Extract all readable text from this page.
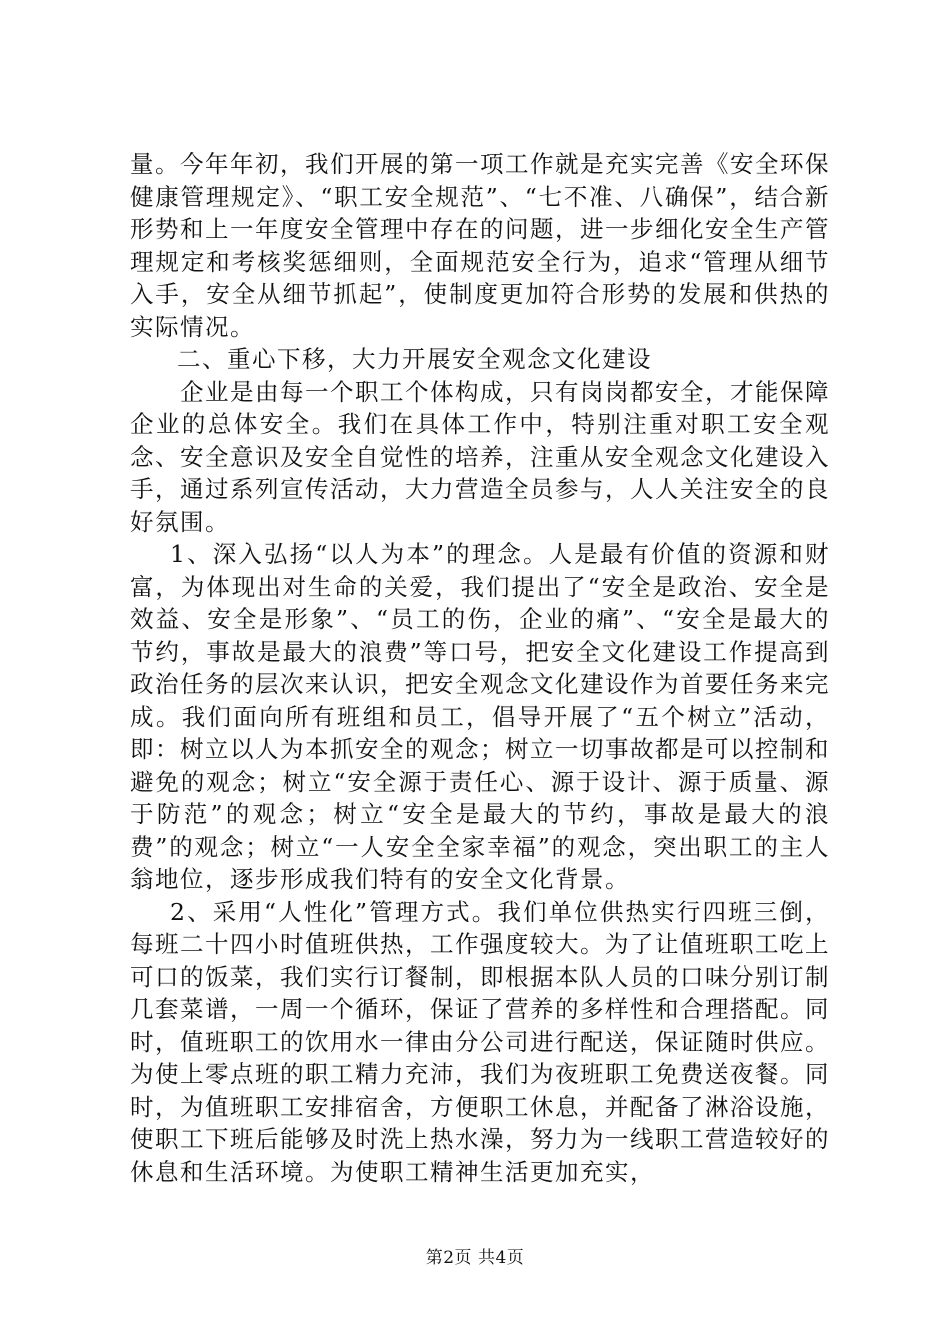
量。今年年初，我们开展的第一项工作就是充实完善《安全环保健康管理规定》、“职工安全规范”、“七不准、八确保”，结合新形势和上一年度安全管理中存在的问题，进一步细化安全生产管理规定和考核奖惩细则，全面规范安全行为，追求“管理从细节入手，安全从细节抓起”，使制度更加符合形势的发展和供热的实际情况。

二、重心下移，大力开展安全观念文化建设

企业是由每一个职工个体构成，只有岗岗都安全，才能保障企业的总体安全。我们在具体工作中，特别注重对职工安全观念、安全意识及安全自觉性的培养，注重从安全观念文化建设入手，通过系列宣传活动，大力营造全员参与，人人关注安全的良好氛围。

1、深入弘扬“以人为本”的理念。人是最有价值的资源和财富，为体现出对生命的关爱，我们提出了“安全是政治、安全是效益、安全是形象”、“员工的伤，企业的痛”、“安全是最大的节约，事故是最大的浪费”等口号，把安全文化建设工作提高到政治任务的层次来认识，把安全观念文化建设作为首要任务来完成。我们面向所有班组和员工，倡导开展了“五个树立”活动，即：树立以人为本抓安全的观念；树立一切事故都是可以控制和避免的观念；树立“安全源于责任心、源于设计、源于质量、源于防范”的观念；树立“安全是最大的节约，事故是最大的浪费”的观念；树立“一人安全全家幸福”的观念，突出职工的主人翁地位，逐步形成我们特有的安全文化背景。

2、采用“人性化”管理方式。我们单位供热实行四班三倒，每班二十四小时值班供热，工作强度较大。为了让值班职工吃上可口的饭菜，我们实行订餐制，即根据本队人员的口味分别订制几套菜谱，一周一个循环，保证了营养的多样性和合理搭配。同时，值班职工的饮用水一律由分公司进行配送，保证随时供应。为使上零点班的职工精力充沛，我们为夜班职工免费送夜餐。同时，为值班职工安排宿舍，方便职工休息，并配备了淋浴设施，使职工下班后能够及时洗上热水澡，努力为一线职工营造较好的休息和生活环境。为使职工精神生活更加充实，

第2页 共4页
